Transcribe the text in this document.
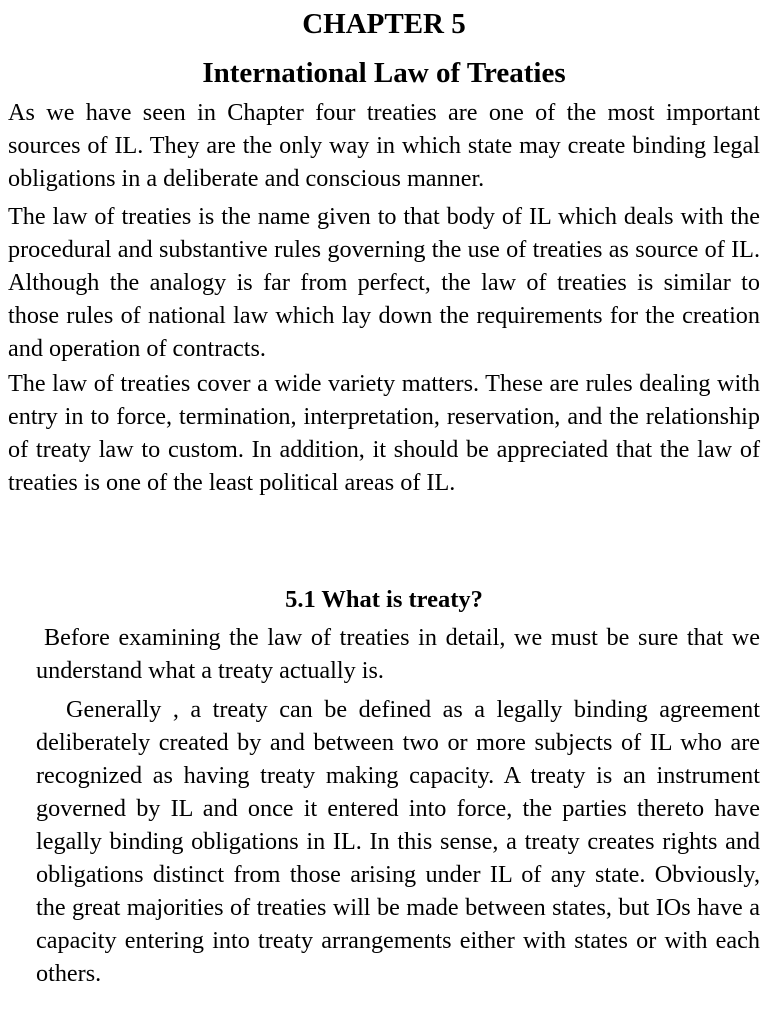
CHAPTER 5
International Law of Treaties

As we have seen in Chapter four treaties are one of the most important sources of IL. They are the only way in which state may create binding legal obligations in a deliberate and conscious manner.

The law of treaties is the name given to that body of IL which deals with the procedural and substantive rules governing the use of treaties as source of IL. Although the analogy is far from perfect, the law of treaties is similar to those rules of national law which lay down the requirements for the creation and operation of contracts.

The law of treaties cover a wide variety matters. These are rules dealing with entry in to force, termination, interpretation, reservation, and the relationship of treaty law to custom. In addition, it should be appreciated that the law of treaties is one of the least political areas of IL.

5.1 What is treaty?

Before examining the law of treaties in detail, we must be sure that we understand what a treaty actually is.

Generally , a treaty can be defined as a legally binding agreement deliberately created by and between two or more subjects of IL who are recognized as having treaty making capacity. A treaty is an instrument governed by IL and once it entered into force, the parties thereto have legally binding obligations in IL. In this sense, a treaty creates rights and obligations distinct from those arising under IL of any state. Obviously, the great majorities of treaties will be made between states, but IOs have a capacity entering into treaty arrangements either with states or with each others.
